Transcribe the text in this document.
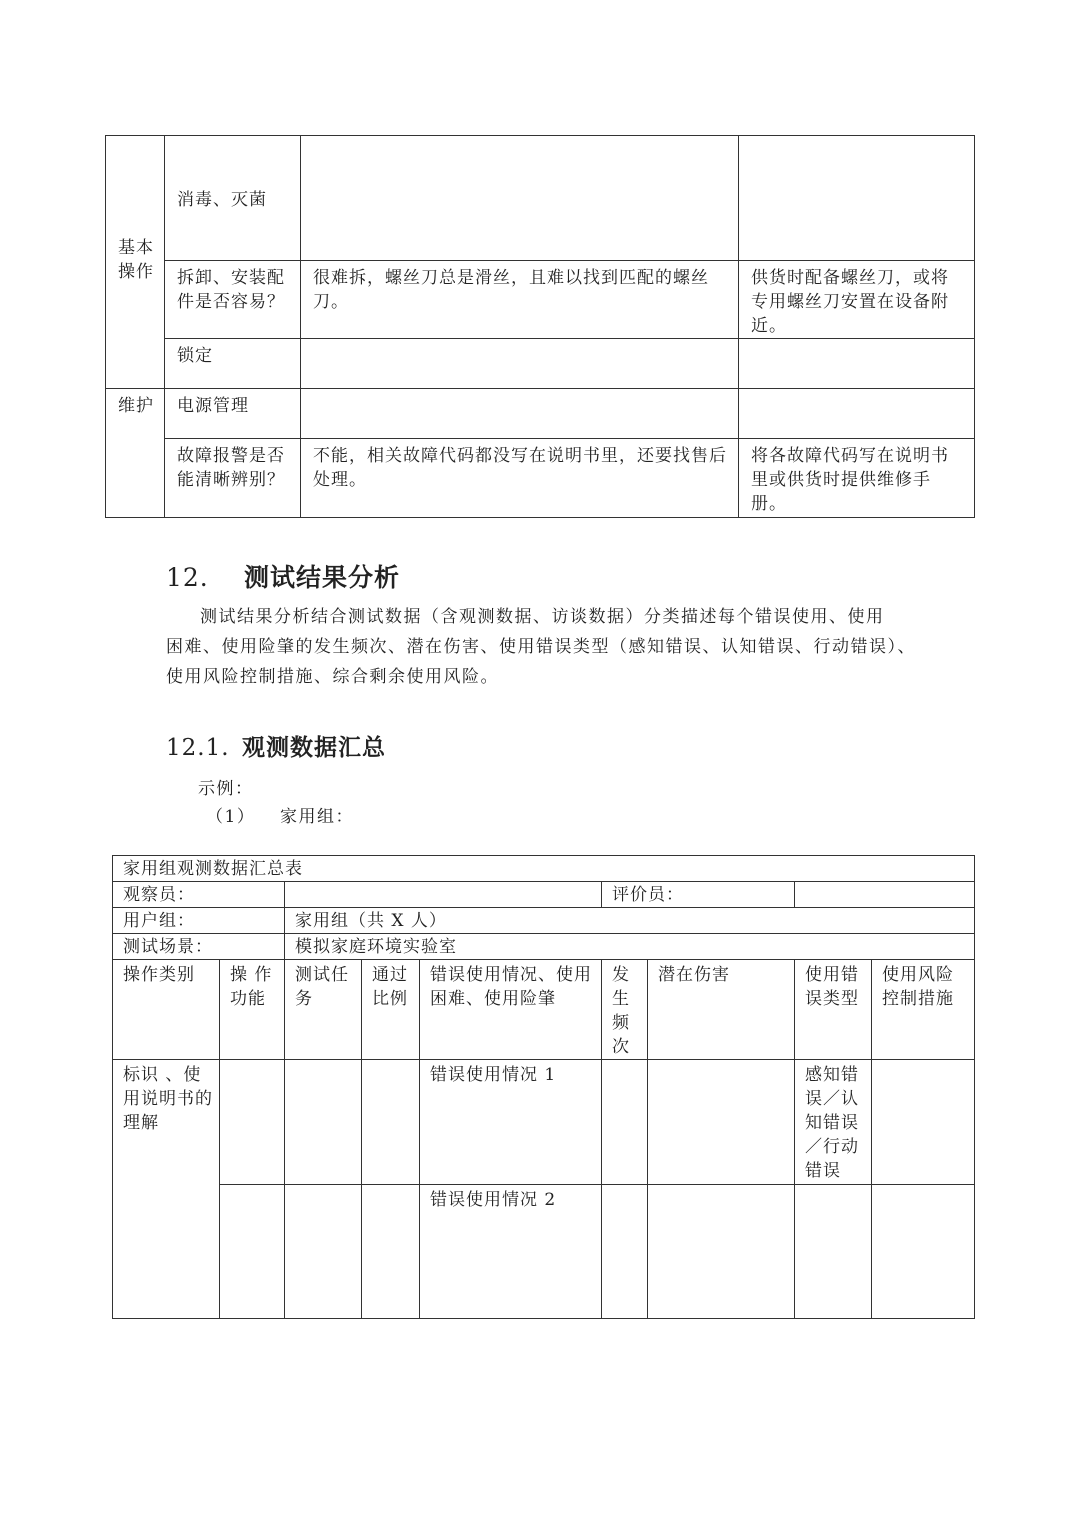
基本操作	消毒、灭菌		
	拆卸、安装配件是否容易？	很难拆，螺丝刀总是滑丝，且难以找到匹配的螺丝刀。	供货时配备螺丝刀，或将专用螺丝刀安置在设备附近。
	锁定		
维护	电源管理		
	故障报警是否能清晰辨别？	不能，相关故障代码都没写在说明书里，还要找售后处理。	将各故障代码写在说明书里或供货时提供维修手册。
12. 测试结果分析

测试结果分析结合测试数据（含观测数据、访谈数据）分类描述每个错误使用、使用

困难、使用险肇的发生频次、潜在伤害、使用错误类型（感知错误、认知错误、行动错误）、

使用风险控制措施、综合剩余使用风险。

12.1. 观测数据汇总
示例：
（1） 家用组：
家用组观测数据汇总表								
观察员：					评价员：			
用户组：		家用组（共 X 人）						
测试场景：		模拟家庭环境实验室						
操作类别	操 作功能	测试任务	通过比例	错误使用情况、使用困难、使用险肇	发生频次	潜在伤害	使用错误类型	使用风险控制措施
标识 、使用说明书的理解				错误使用情况 1			感知错误／认知错误／行动错误	
				错误使用情况 2				
